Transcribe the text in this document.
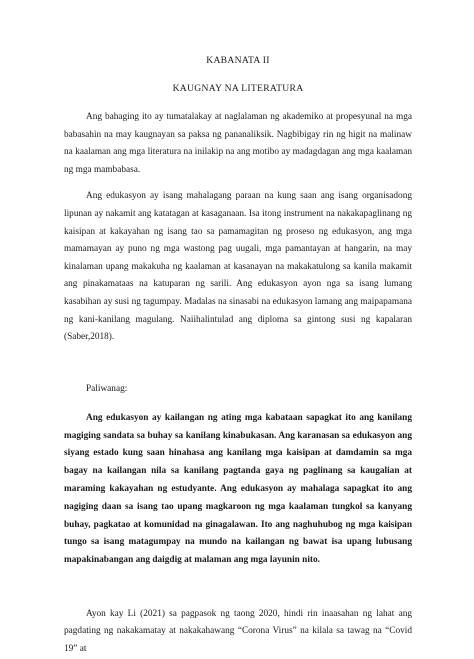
KABANATA II
KAUGNAY NA LITERATURA

Ang bahaging ito ay tumatalakay at naglalaman ng akademiko at propesyunal na mga babasahin na may kaugnayan sa paksa ng pananaliksik. Nagbibigay rin ng higit na malinaw na kaalaman ang mga literatura na inilakip na ang motibo ay madagdagan ang mga kaalaman ng mga mambabasa.

Ang edukasyon ay isang mahalagang paraan na kung saan ang isang organisadong lipunan ay nakamit ang katatagan at kasaganaan. Isa itong instrument na nakakapaglinang ng kaisipan at kakayahan ng isang tao sa pamamagitan ng proseso ng edukasyon, ang mga mamamayan ay puno ng mga wastong pag uugali, mga pamantayan at hangarin, na may kinalaman upang makakuha ng kaalaman at kasanayan na makakatulong sa kanila makamit ang pinakamataas na katuparan ng sarili. Ang edukasyon ayon nga sa isang lumang kasabihan ay susi ng tagumpay. Madalas na sinasabi na edukasyon lamang ang maipapamana ng kani-kanilang magulang. Naiihalintulad ang diploma sa gintong susi ng kapalaran (Saber,2018).

Paliwanag:

Ang edukasyon ay kailangan ng ating mga kabataan sapagkat ito ang kanilang magiging sandata sa buhay sa kanilang kinabukasan. Ang karanasan sa edukasyon ang siyang estado kung saan hinahasa ang kanilang mga kaisipan at damdamin sa mga bagay na kailangan nila sa kanilang pagtanda gaya ng paglinang sa kaugalian at maraming kakayahan ng estudyante. Ang edukasyon ay mahalaga sapagkat ito ang nagiging daan sa isang tao upang magkaroon ng mga kaalaman tungkol sa kanyang buhay, pagkatao at komunidad na ginagalawan. Ito ang naghuhubog ng mga kaisipan tungo sa isang matagumpay na mundo na kailangan ng bawat isa upang lubusang mapakinabangan ang daigdig at malaman ang mga layunin nito.

Ayon kay Li (2021) sa pagpasok ng taong 2020, hindi rin inaasahan ng lahat ang pagdating ng nakakamatay at nakakahawang “Corona Virus” na kilala sa tawag na “Covid 19” at
